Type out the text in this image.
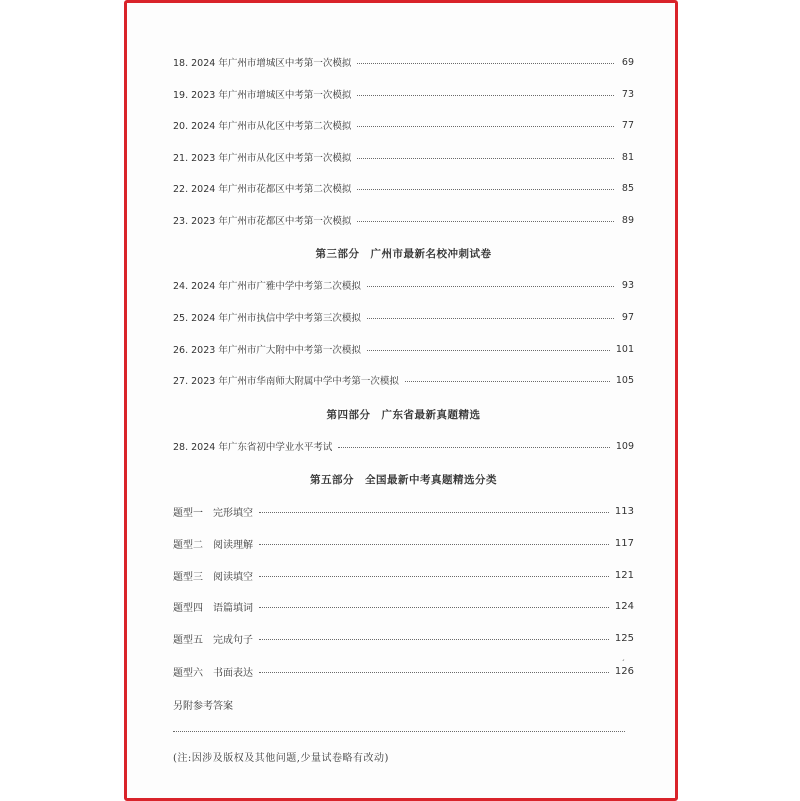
18. 2024 年广州市增城区中考第一次模拟	69
19. 2023 年广州市增城区中考第一次模拟	73
20. 2024 年广州市从化区中考第二次模拟	77
21. 2023 年广州市从化区中考第一次模拟	81
22. 2024 年广州市花都区中考第二次模拟	85
23. 2023 年广州市花都区中考第一次模拟	89
第三部分　广州市最新名校冲刺试卷
24. 2024 年广州市广雅中学中考第二次模拟	93
25. 2024 年广州市执信中学中考第三次模拟	97
26. 2023 年广州市广大附中中考第一次模拟	101
27. 2023 年广州市华南师大附属中学中考第一次模拟	105
第四部分　广东省最新真题精选
28. 2024 年广东省初中学业水平考试	109
第五部分　全国最新中考真题精选分类
题型一　完形填空	113
题型二　阅读理解	117
题型三　阅读填空	121
题型四　语篇填词	124
题型五　完成句子	125
ˊ
题型六　书面表达	126
另附参考答案
(注:因涉及版权及其他问题,少量试卷略有改动)
